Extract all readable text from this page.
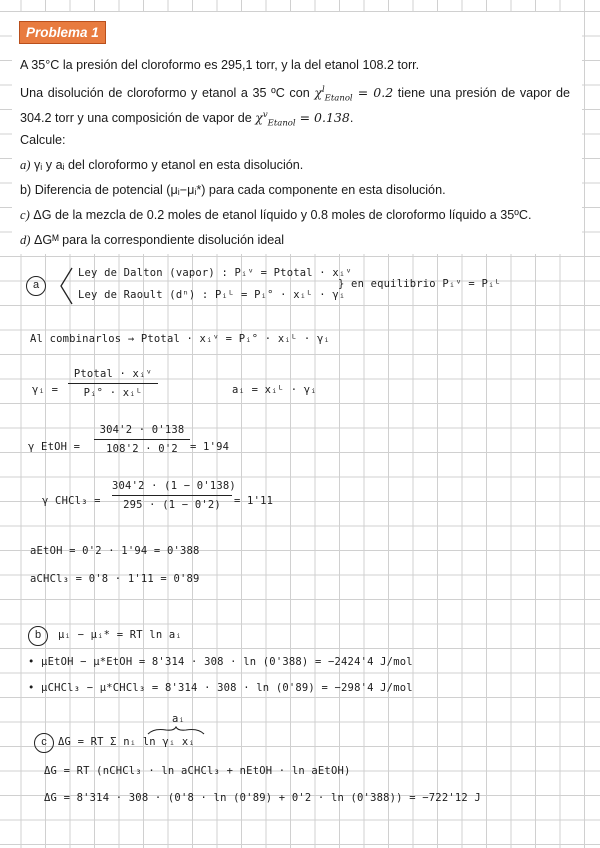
Problema 1
A 35°C la presión del cloroformo es 295,1 torr, y la del etanol 108.2 torr.
Una disolución de cloroformo y etanol a 35 ºC con $\chi^l_{Etanol} = 0.2$ tiene una presión de vapor de
304.2 torr y una composición de vapor de $\chi^v_{Etanol} = 0.138$.
Calcule:
a) γᵢ y aᵢ del cloroformo y etanol en esta disolución.
b) Diferencia de potencial (μᵢ−μᵢ*) para cada componente en esta disolución.
c) ΔG de la mezcla de 0.2 moles de etanol líquido y 0.8 moles de cloroformo líquido a 35ºC.
d) ΔGᴹ para la correspondiente disolución ideal
a
Ley de Dalton (vapor) : Pᵢᵛ = Ptotal · xᵢᵛ
Ley de Raoult (dⁿ) : Pᵢᴸ = Pᵢ° · xᵢᴸ · γᵢ
} en equilibrio Pᵢᵛ = Pᵢᴸ
Al combinarlos → Ptotal · xᵢᵛ = Pᵢ° · xᵢᴸ · γᵢ
γᵢ =
Ptotal · xᵢᵛ
Pᵢ° · xᵢᴸ	aᵢ = xᵢᴸ · γᵢ
γ EtOH =
304'2 · 0'138
108'2 · 0'2	= 1'94
γ CHCl₃ =
304'2 · (1 − 0'138)
295 · (1 − 0'2)	= 1'11
aEtOH = 0'2 · 1'94 = 0'388
aCHCl₃ = 0'8 · 1'11 = 0'89
b	μᵢ − μᵢ* = RT ln aᵢ
• μEtOH − μ*EtOH = 8'314 · 308 · ln (0'388) = −2424'4 J/mol
• μCHCl₃ − μ*CHCl₃ = 8'314 · 308 · ln (0'89) = −298'4 J/mol
aᵢ
c	ΔG = RT Σ nᵢ ln γᵢ xᵢ
ΔG = RT (nCHCl₃ · ln aCHCl₃ + nEtOH · ln aEtOH)
ΔG = 8'314 · 308 · (0'8 · ln (0'89) + 0'2 · ln (0'388)) = −722'12 J
